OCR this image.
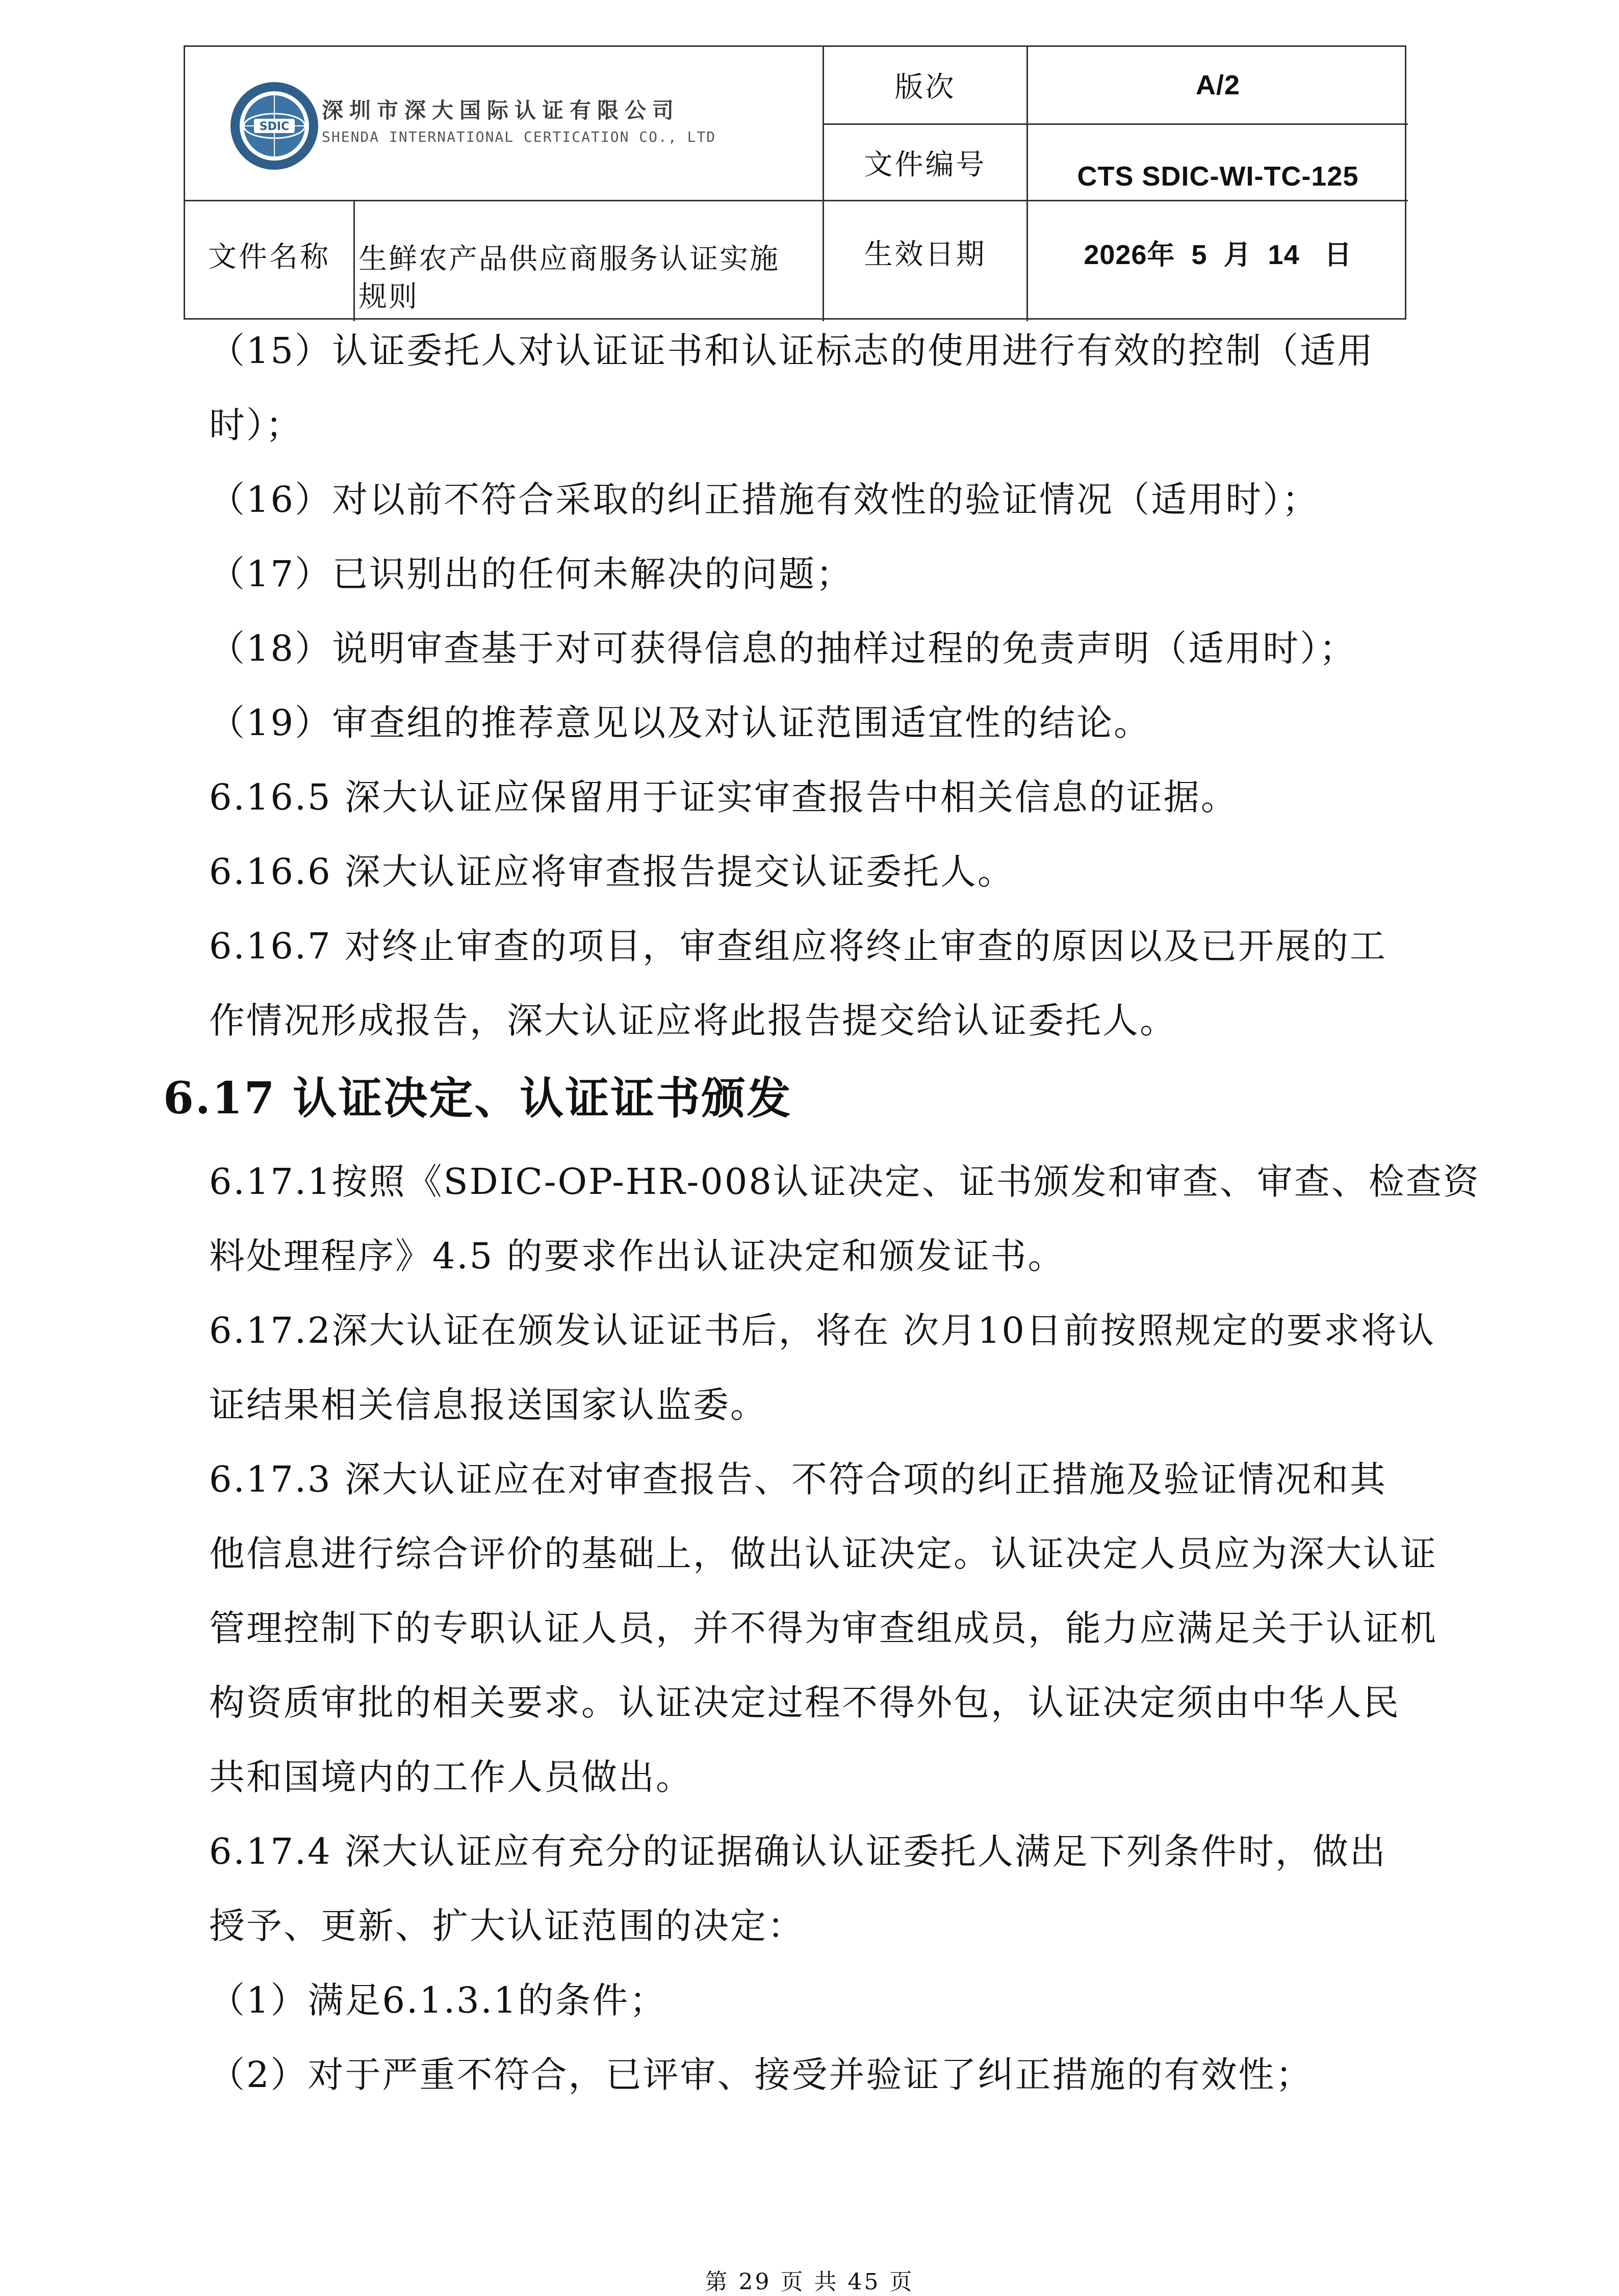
SDIC
深圳市深大国际认证有限公司
SHENDA INTERNATIONAL CERTICATION CO., LTD
版次	A/2
文件编号	CTS SDIC-WI-TC-125
文件名称 生鲜农产品供应商服务认证实施
规则
生效日期	2026年  5  月  14   日
（15）认证委托人对认证证书和认证标志的使用进行有效的控制（适用
时）；
（16）对以前不符合采取的纠正措施有效性的验证情况（适用时）；
（17）已识别出的任何未解决的问题；
（18）说明审查基于对可获得信息的抽样过程的免责声明（适用时）；
（19）审查组的推荐意见以及对认证范围适宜性的结论。
6.16.5 深大认证应保留用于证实审查报告中相关信息的证据。
6.16.6 深大认证应将审查报告提交认证委托人。
6.16.7 对终止审查的项目，审查组应将终止审查的原因以及已开展的工
作情况形成报告，深大认证应将此报告提交给认证委托人。
6.17 认证决定、认证证书颁发
6.17.1按照《SDIC-OP-HR-008认证决定、证书颁发和审查、审查、检查资
料处理程序》4.5 的要求作出认证决定和颁发证书。
6.17.2深大认证在颁发认证证书后，将在 次月10日前按照规定的要求将认
证结果相关信息报送国家认监委。
6.17.3 深大认证应在对审查报告、不符合项的纠正措施及验证情况和其
他信息进行综合评价的基础上，做出认证决定。认证决定人员应为深大认证
管理控制下的专职认证人员，并不得为审查组成员，能力应满足关于认证机
构资质审批的相关要求。认证决定过程不得外包，认证决定须由中华人民
共和国境内的工作人员做出。
6.17.4 深大认证应有充分的证据确认认证委托人满足下列条件时，做出
授予、更新、扩大认证范围的决定：
（1）满足6.1.3.1的条件；
（2）对于严重不符合，已评审、接受并验证了纠正措施的有效性；
第 29 页 共 45 页
